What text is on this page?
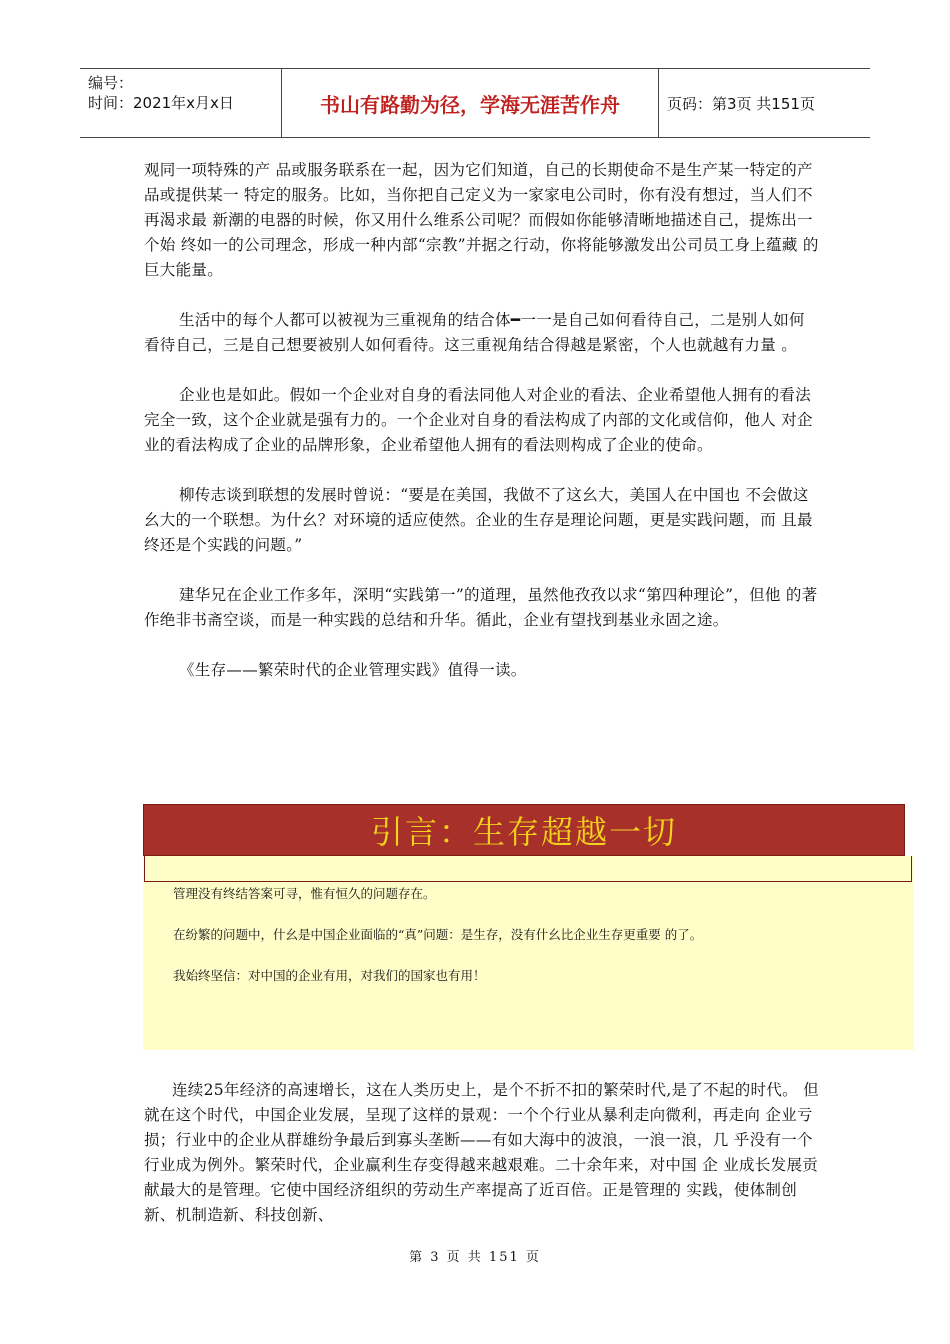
编号：
时间：2021年x月x日	书山有路勤为径，学海无涯苦作舟	页码：第3页 共151页

观同一项特殊的产 品或服务联系在一起，因为它们知道，自己的长期使命不是生产某一特定的产品或提供某一 特定的服务。比如，当你把自己定义为一家家电公司时，你有没有想过，当人们不再渴求最 新潮的电器的时候，你又用什么维系公司呢？而假如你能够清晰地描述自己，提炼出一个始 终如一的公司理念，形成一种内部“宗教”并据之行动，你将能够激发出公司员工身上蕴藏 的巨大能量。

生活中的每个人都可以被视为三重视角的结合体━一一是自己如何看待自己，二是别人如何 看待自己，三是自己想要被别人如何看待。这三重视角结合得越是紧密，个人也就越有力量 。

企业也是如此。假如一个企业对自身的看法同他人对企业的看法、企业希望他人拥有的看法 完全一致，这个企业就是强有力的。一个企业对自身的看法构成了内部的文化或信仰，他人 对企业的看法构成了企业的品牌形象，企业希望他人拥有的看法则构成了企业的使命。

柳传志谈到联想的发展时曾说：“要是在美国，我做不了这幺大，美国人在中国也 不会做这 幺大的一个联想。为什幺？对环境的适应使然。企业的生存是理论问题，更是实践问题，而 且最终还是个实践的问题。”

建华兄在企业工作多年，深明“实践第一”的道理，虽然他孜孜以求“第四种理论”，但他 的著作绝非书斋空谈，而是一种实践的总结和升华。循此，企业有望找到基业永固之途。

《生存——繁荣时代的企业管理实践》值得一读。

引言：生存超越一切

管理没有终结答案可寻，惟有恒久的问题存在。

在纷繁的问题中，什幺是中国企业面临的“真”问题：是生存，没有什幺比企业生存更重要 的了。

我始终坚信：对中国的企业有用，对我们的国家也有用！

连续25年经济的高速增长，这在人类历史上，是个不折不扣的繁荣时代,是了不起的时代。 但就在这个时代，中国企业发展，呈现了这样的景观：一个个行业从暴利走向微利，再走向 企业亏损；行业中的企业从群雄纷争最后到寡头垄断——有如大海中的波浪，一浪一浪，几 乎没有一个行业成为例外。繁荣时代，企业赢利生存变得越来越艰难。二十余年来，对中国 企 业成长发展贡献最大的是管理。它使中国经济组织的劳动生产率提高了近百倍。正是管理的 实践，使体制创新、机制造新、科技创新、

第 3 页 共 151 页
